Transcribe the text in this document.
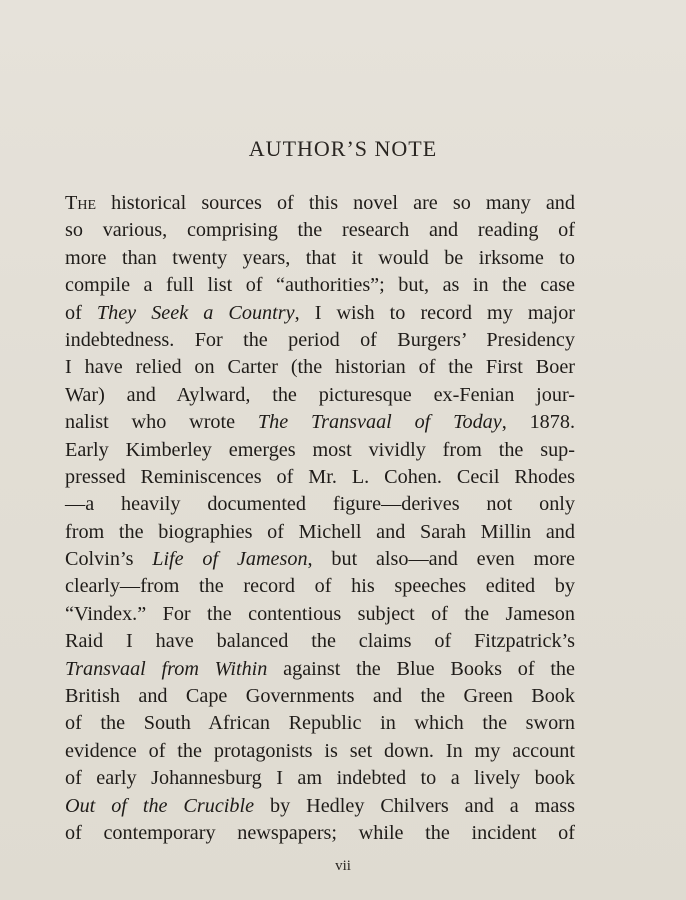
AUTHOR’S NOTE
The historical sources of this novel are so many and
so various, comprising the research and reading of
more than twenty years, that it would be irksome to
compile a full list of “authorities”; but, as in the case
of They Seek a Country, I wish to record my major
indebtedness. For the period of Burgers’ Presidency
I have relied on Carter (the historian of the First Boer
War) and Aylward, the picturesque ex-Fenian jour-
nalist who wrote The Transvaal of Today, 1878.
Early Kimberley emerges most vividly from the sup-
pressed Reminiscences of Mr. L. Cohen. Cecil Rhodes
—a heavily documented figure—derives not only
from the biographies of Michell and Sarah Millin and
Colvin’s Life of Jameson, but also—and even more
clearly—from the record of his speeches edited by
“Vindex.” For the contentious subject of the Jameson
Raid I have balanced the claims of Fitzpatrick’s
Transvaal from Within against the Blue Books of the
British and Cape Governments and the Green Book
of the South African Republic in which the sworn
evidence of the protagonists is set down. In my account
of early Johannesburg I am indebted to a lively book
Out of the Crucible by Hedley Chilvers and a mass
of contemporary newspapers; while the incident of
vii
